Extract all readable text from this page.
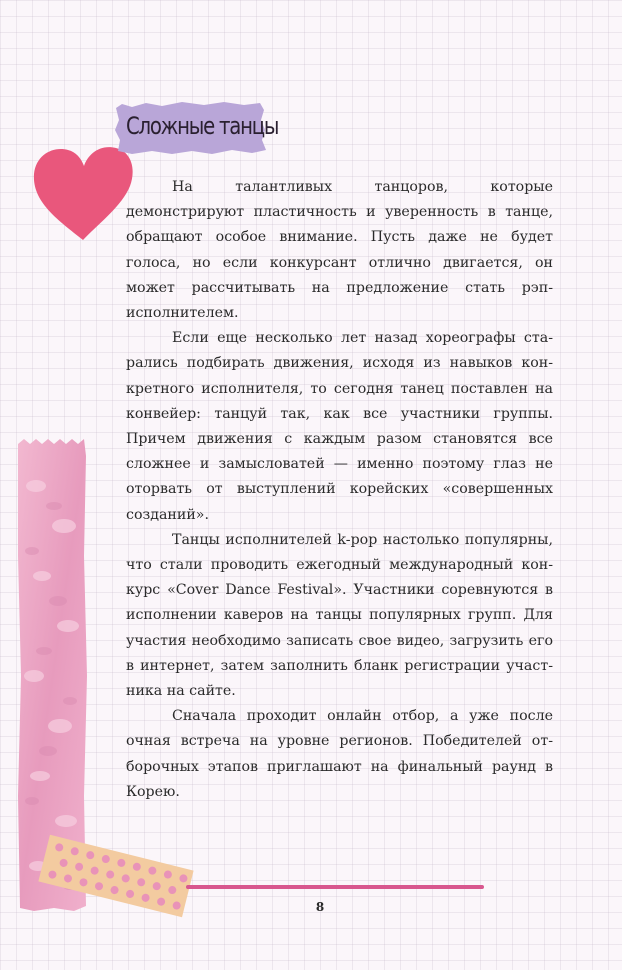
Сложные танцы

На талантливых танцоров, которые демонстрируют пластичность и уверенность в танце, обращают особое внимание. Пусть даже не будет голоса, но если конкурсант отлично двигается, он может рассчитывать на предложение стать рэп-исполнителем.

Если еще несколько лет назад хореографы старались подбирать движения, исходя из навыков конкретного исполнителя, то сегодня танец поставлен на конвейер: танцуй так, как все участники группы. Причем движения с каждым разом становятся все сложнее и замысловатей — именно поэтому глаз не оторвать от выступлений корейских «совершенных созданий».

Танцы исполнителей k-pop настолько популярны, что стали проводить ежегодный международный конкурс «Cover Dance Festival». Участники соревнуются в исполнении каверов на танцы популярных групп. Для участия необходимо записать свое видео, загрузить его в интернет, затем заполнить бланк регистрации участника на сайте.

Сначала проходит онлайн отбор, а уже после очная встреча на уровне регионов. Победителей отборочных этапов приглашают на финальный раунд в Корею.

8
